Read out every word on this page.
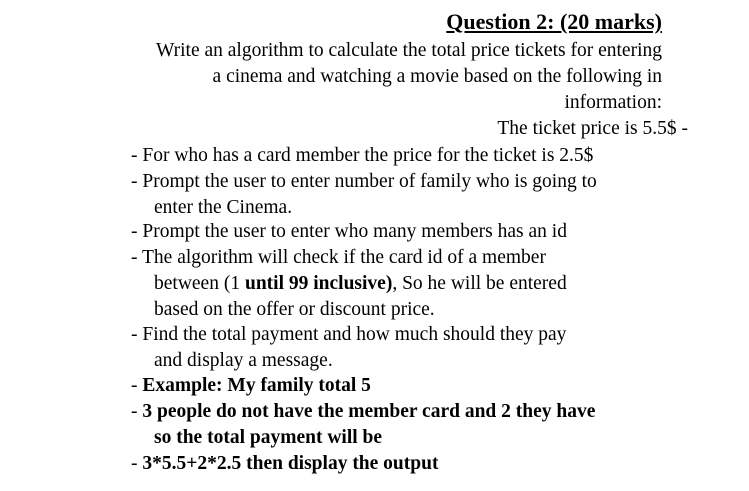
Question 2: (20 marks)
Write an algorithm to calculate the total price tickets for entering
a cinema and watching a movie based on the following in
information:
The ticket price is 5.5$ -
- For who has a card member the price for the ticket is 2.5$
- Prompt the user to enter number of family who is going to
enter the Cinema.
- Prompt the user to enter who many members has an id
- The algorithm will check if the card id of a member
between (1 until 99 inclusive), So he will be entered
based on the offer or discount price.
- Find the total payment and how much should they pay
and display a message.
- Example: My family total 5
- 3 people do not have the member card and 2 they have
so the total payment will be
- 3*5.5+2*2.5 then display the output
